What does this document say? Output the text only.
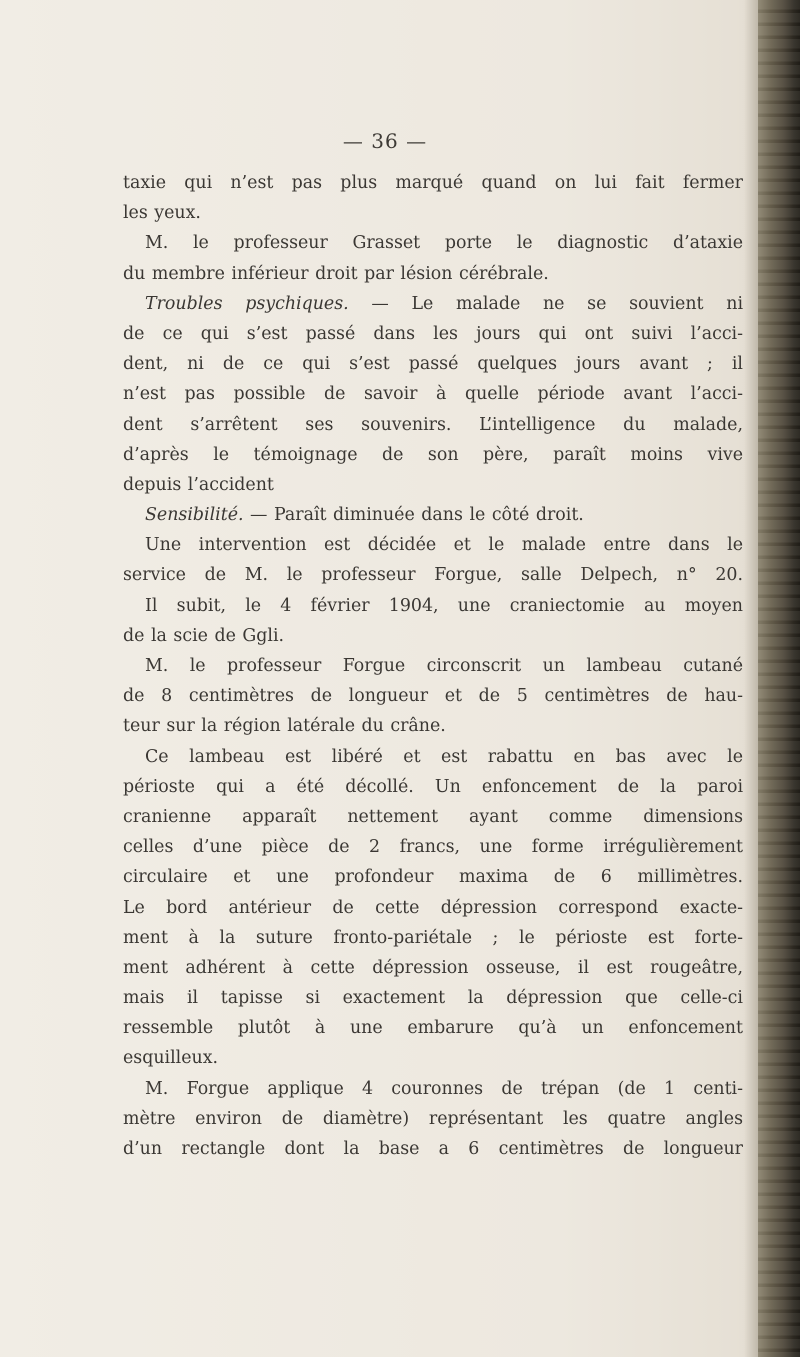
— 36 —
taxie qui n’est pas plus marqué quand on lui fait fermer
les yeux.
M. le professeur Grasset porte le diagnostic d’ataxie
du membre inférieur droit par lésion cérébrale.
Troubles psychiques. — Le malade ne se souvient ni
de ce qui s’est passé dans les jours qui ont suivi l’acci-
dent, ni de ce qui s’est passé quelques jours avant ; il
n’est pas possible de savoir à quelle période avant l’acci-
dent s’arrêtent ses souvenirs. L’intelligence du malade,
d’après le témoignage de son père, paraît moins vive
depuis l’accident
Sensibilité. — Paraît diminuée dans le côté droit.
Une intervention est décidée et le malade entre dans le
service de M. le professeur Forgue, salle Delpech, n° 20.
Il subit, le 4 février 1904, une craniectomie au moyen
de la scie de Ggli.
M. le professeur Forgue circonscrit un lambeau cutané
de 8 centimètres de longueur et de 5 centimètres de hau-
teur sur la région latérale du crâne.
Ce lambeau est libéré et est rabattu en bas avec le
périoste qui a été décollé. Un enfoncement de la paroi
cranienne apparaît nettement ayant comme dimensions
celles d’une pièce de 2 francs, une forme irrégulièrement
circulaire et une profondeur maxima de 6 millimètres.
Le bord antérieur de cette dépression correspond exacte-
ment à la suture fronto-pariétale ; le périoste est forte-
ment adhérent à cette dépression osseuse, il est rougeâtre,
mais il tapisse si exactement la dépression que celle-ci
ressemble plutôt à une embarure qu’à un enfoncement
esquilleux.
M. Forgue applique 4 couronnes de trépan (de 1 centi-
mètre environ de diamètre) représentant les quatre angles
d’un rectangle dont la base a 6 centimètres de longueur
